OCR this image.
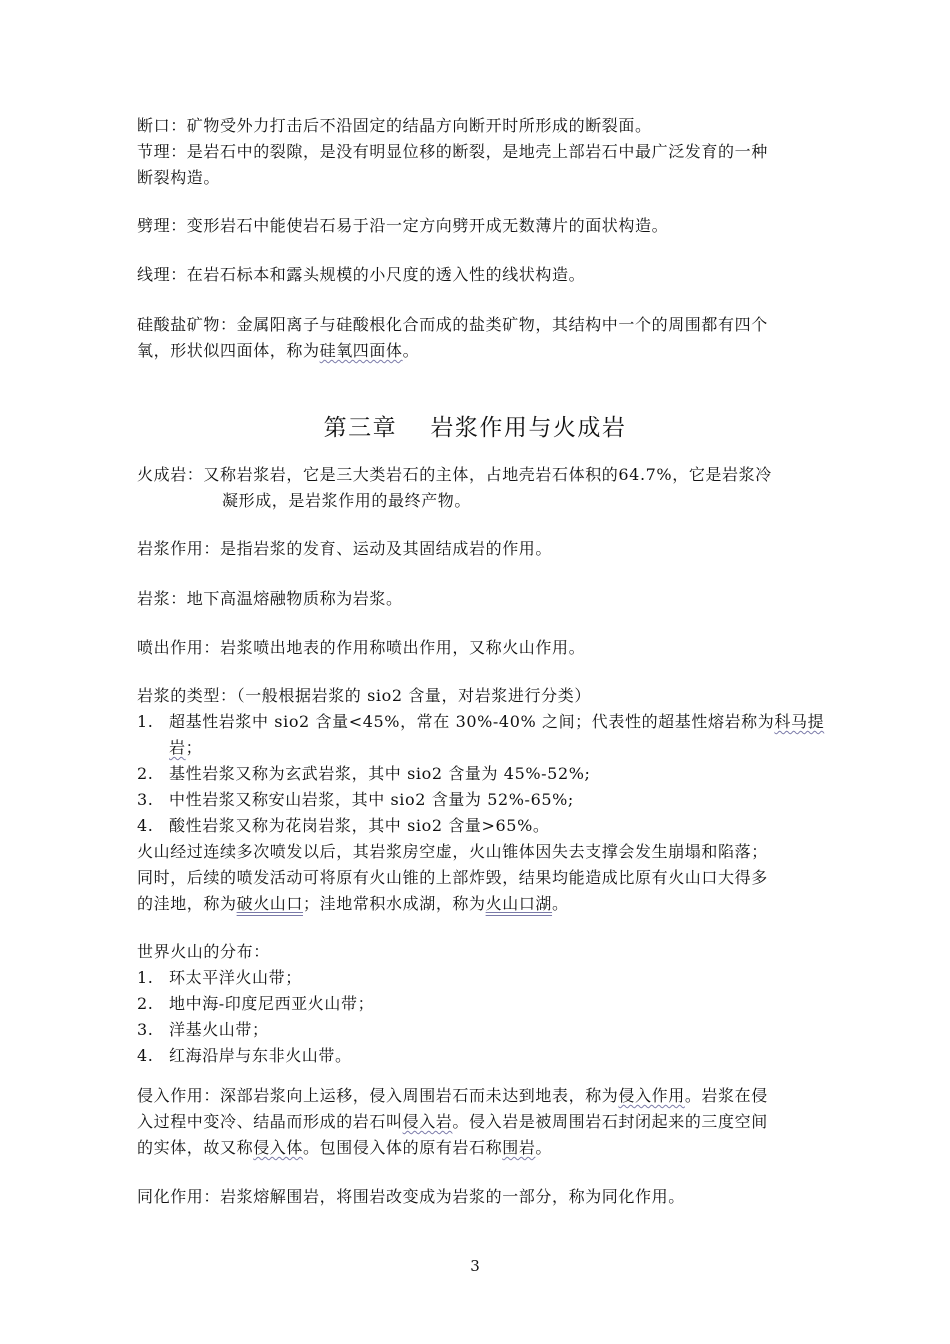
断口：矿物受外力打击后不沿固定的结晶方向断开时所形成的断裂面。
节理：是岩石中的裂隙，是没有明显位移的断裂，是地壳上部岩石中最广泛发育的一种
断裂构造。
劈理：变形岩石中能使岩石易于沿一定方向劈开成无数薄片的面状构造。
线理：在岩石标本和露头规模的小尺度的透入性的线状构造。
硅酸盐矿物：金属阳离子与硅酸根化合而成的盐类矿物，其结构中一个的周围都有四个
氧，形状似四面体，称为硅氧四面体。
第三章　 岩浆作用与火成岩
火成岩：又称岩浆岩，它是三大类岩石的主体，占地壳岩石体积的64.7%，它是岩浆冷
凝形成，是岩浆作用的最终产物。
岩浆作用：是指岩浆的发育、运动及其固结成岩的作用。
岩浆：地下高温熔融物质称为岩浆。
喷出作用：岩浆喷出地表的作用称喷出作用，又称火山作用。
岩浆的类型：（一般根据岩浆的 sio2 含量，对岩浆进行分类）
1. 超基性岩浆中 sio2 含量<45%，常在 30%-40% 之间；代表性的超基性熔岩称为科马提
岩；
2. 基性岩浆又称为玄武岩浆，其中 sio2 含量为 45%-52%;
3. 中性岩浆又称安山岩浆，其中 sio2 含量为 52%-65%;
4. 酸性岩浆又称为花岗岩浆，其中 sio2 含量>65%。
火山经过连续多次喷发以后，其岩浆房空虚，火山锥体因失去支撑会发生崩塌和陷落；
同时，后续的喷发活动可将原有火山锥的上部炸毁，结果均能造成比原有火山口大得多
的洼地，称为破火山口；洼地常积水成湖，称为火山口湖。
世界火山的分布：
1. 环太平洋火山带；
2. 地中海-印度尼西亚火山带；
3. 洋基火山带；
4. 红海沿岸与东非火山带。
侵入作用：深部岩浆向上运移，侵入周围岩石而未达到地表，称为侵入作用。岩浆在侵
入过程中变冷、结晶而形成的岩石叫侵入岩。侵入岩是被周围岩石封闭起来的三度空间
的实体，故又称侵入体。包围侵入体的原有岩石称围岩。
同化作用：岩浆熔解围岩，将围岩改变成为岩浆的一部分，称为同化作用。
3
